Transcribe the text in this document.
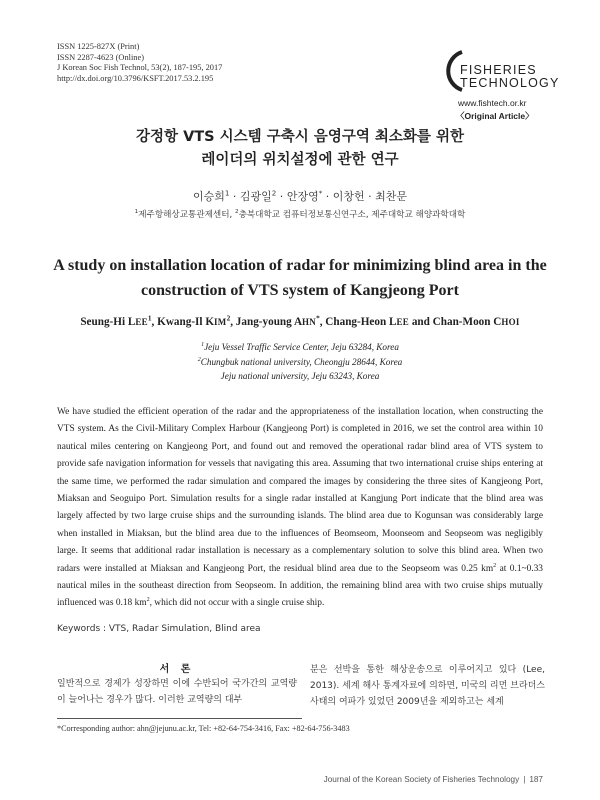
ISSN 1225-827X (Print)
ISSN 2287-4623 (Online)
J Korean Soc Fish Technol, 53(2), 187-195, 2017
http://dx.doi.org/10.3796/KSFT.2017.53.2.195
FISHERIES
TECHNOLOGY
www.fishtech.or.kr
〈Original Article〉
강정항 VTS 시스템 구축시 음영구역 최소화를 위한
레이더의 위치설정에 관한 연구
이승희$^1$ · 김광일$^2$ · 안장영* · 이창헌 · 최찬문
$^1$제주항해상교통관제센터, $^2$충북대학교 컴퓨터정보통신연구소, 제주대학교 해양과학대학
A study on installation location of radar for minimizing blind area in the
construction of VTS system of Kangjeong Port
Seung-Hi LEE$^1$, Kwang-Il KIM$^2$, Jang-young AHN*, Chang-Heon LEE and Chan-Moon CHOI
$^1$Jeju Vessel Traffic Service Center, Jeju 63284, Korea
$^2$Chungbuk national university, Cheongju 28644, Korea
Jeju national university, Jeju 63243, Korea
We have studied the efficient operation of the radar and the appropriateness of the installation location, when constructing the VTS system. As the Civil-Military Complex Harbour (Kangjeong Port) is completed in 2016, we set the control area within 10 nautical miles centering on Kangjeong Port, and found out and removed the operational radar blind area of VTS system to provide safe navigation information for vessels that navigating this area. Assuming that two international cruise ships entering at the same time, we performed the radar simulation and compared the images by considering the three sites of Kangjeong Port, Miaksan and Seoguipo Port. Simulation results for a single radar installed at Kangjung Port indicate that the blind area was largely affected by two large cruise ships and the surrounding islands. The blind area due to Kogunsan was considerably large when installed in Miaksan, but the blind area due to the influences of Beomseom, Moonseom and Seopseom was negligibly large. It seems that additional radar installation is necessary as a complementary solution to solve this blind area. When two radars were installed at Miaksan and Kangjeong Port, the residual blind area due to the Seopseom was 0.25 $km^2$ at 0.1~0.33 nautical miles in the southeast direction from Seopseom. In addition, the remaining blind area with two cruise ships mutually influenced was 0.18 $km^2$, which did not occur with a single cruise ship.
Keywords : VTS, Radar Simulation, Blind area
서 론
일반적으로 경제가 성장하면 이에 수반되어 국가간의 교역량이 늘어나는 경우가 많다. 이러한 교역량의 대부
분은 선박을 통한 해상운송으로 이루어지고 있다 (Lee, 2013). 세계 해사 통계자료에 의하면, 미국의 리먼 브라더스 사태의 여파가 있었던 2009년을 제외하고는 세계
*Corresponding author: ahn@jejunu.ac.kr, Tel: +82-64-754-3416, Fax: +82-64-756-3483
Journal of the Korean Society of Fisheries Technology | 187
